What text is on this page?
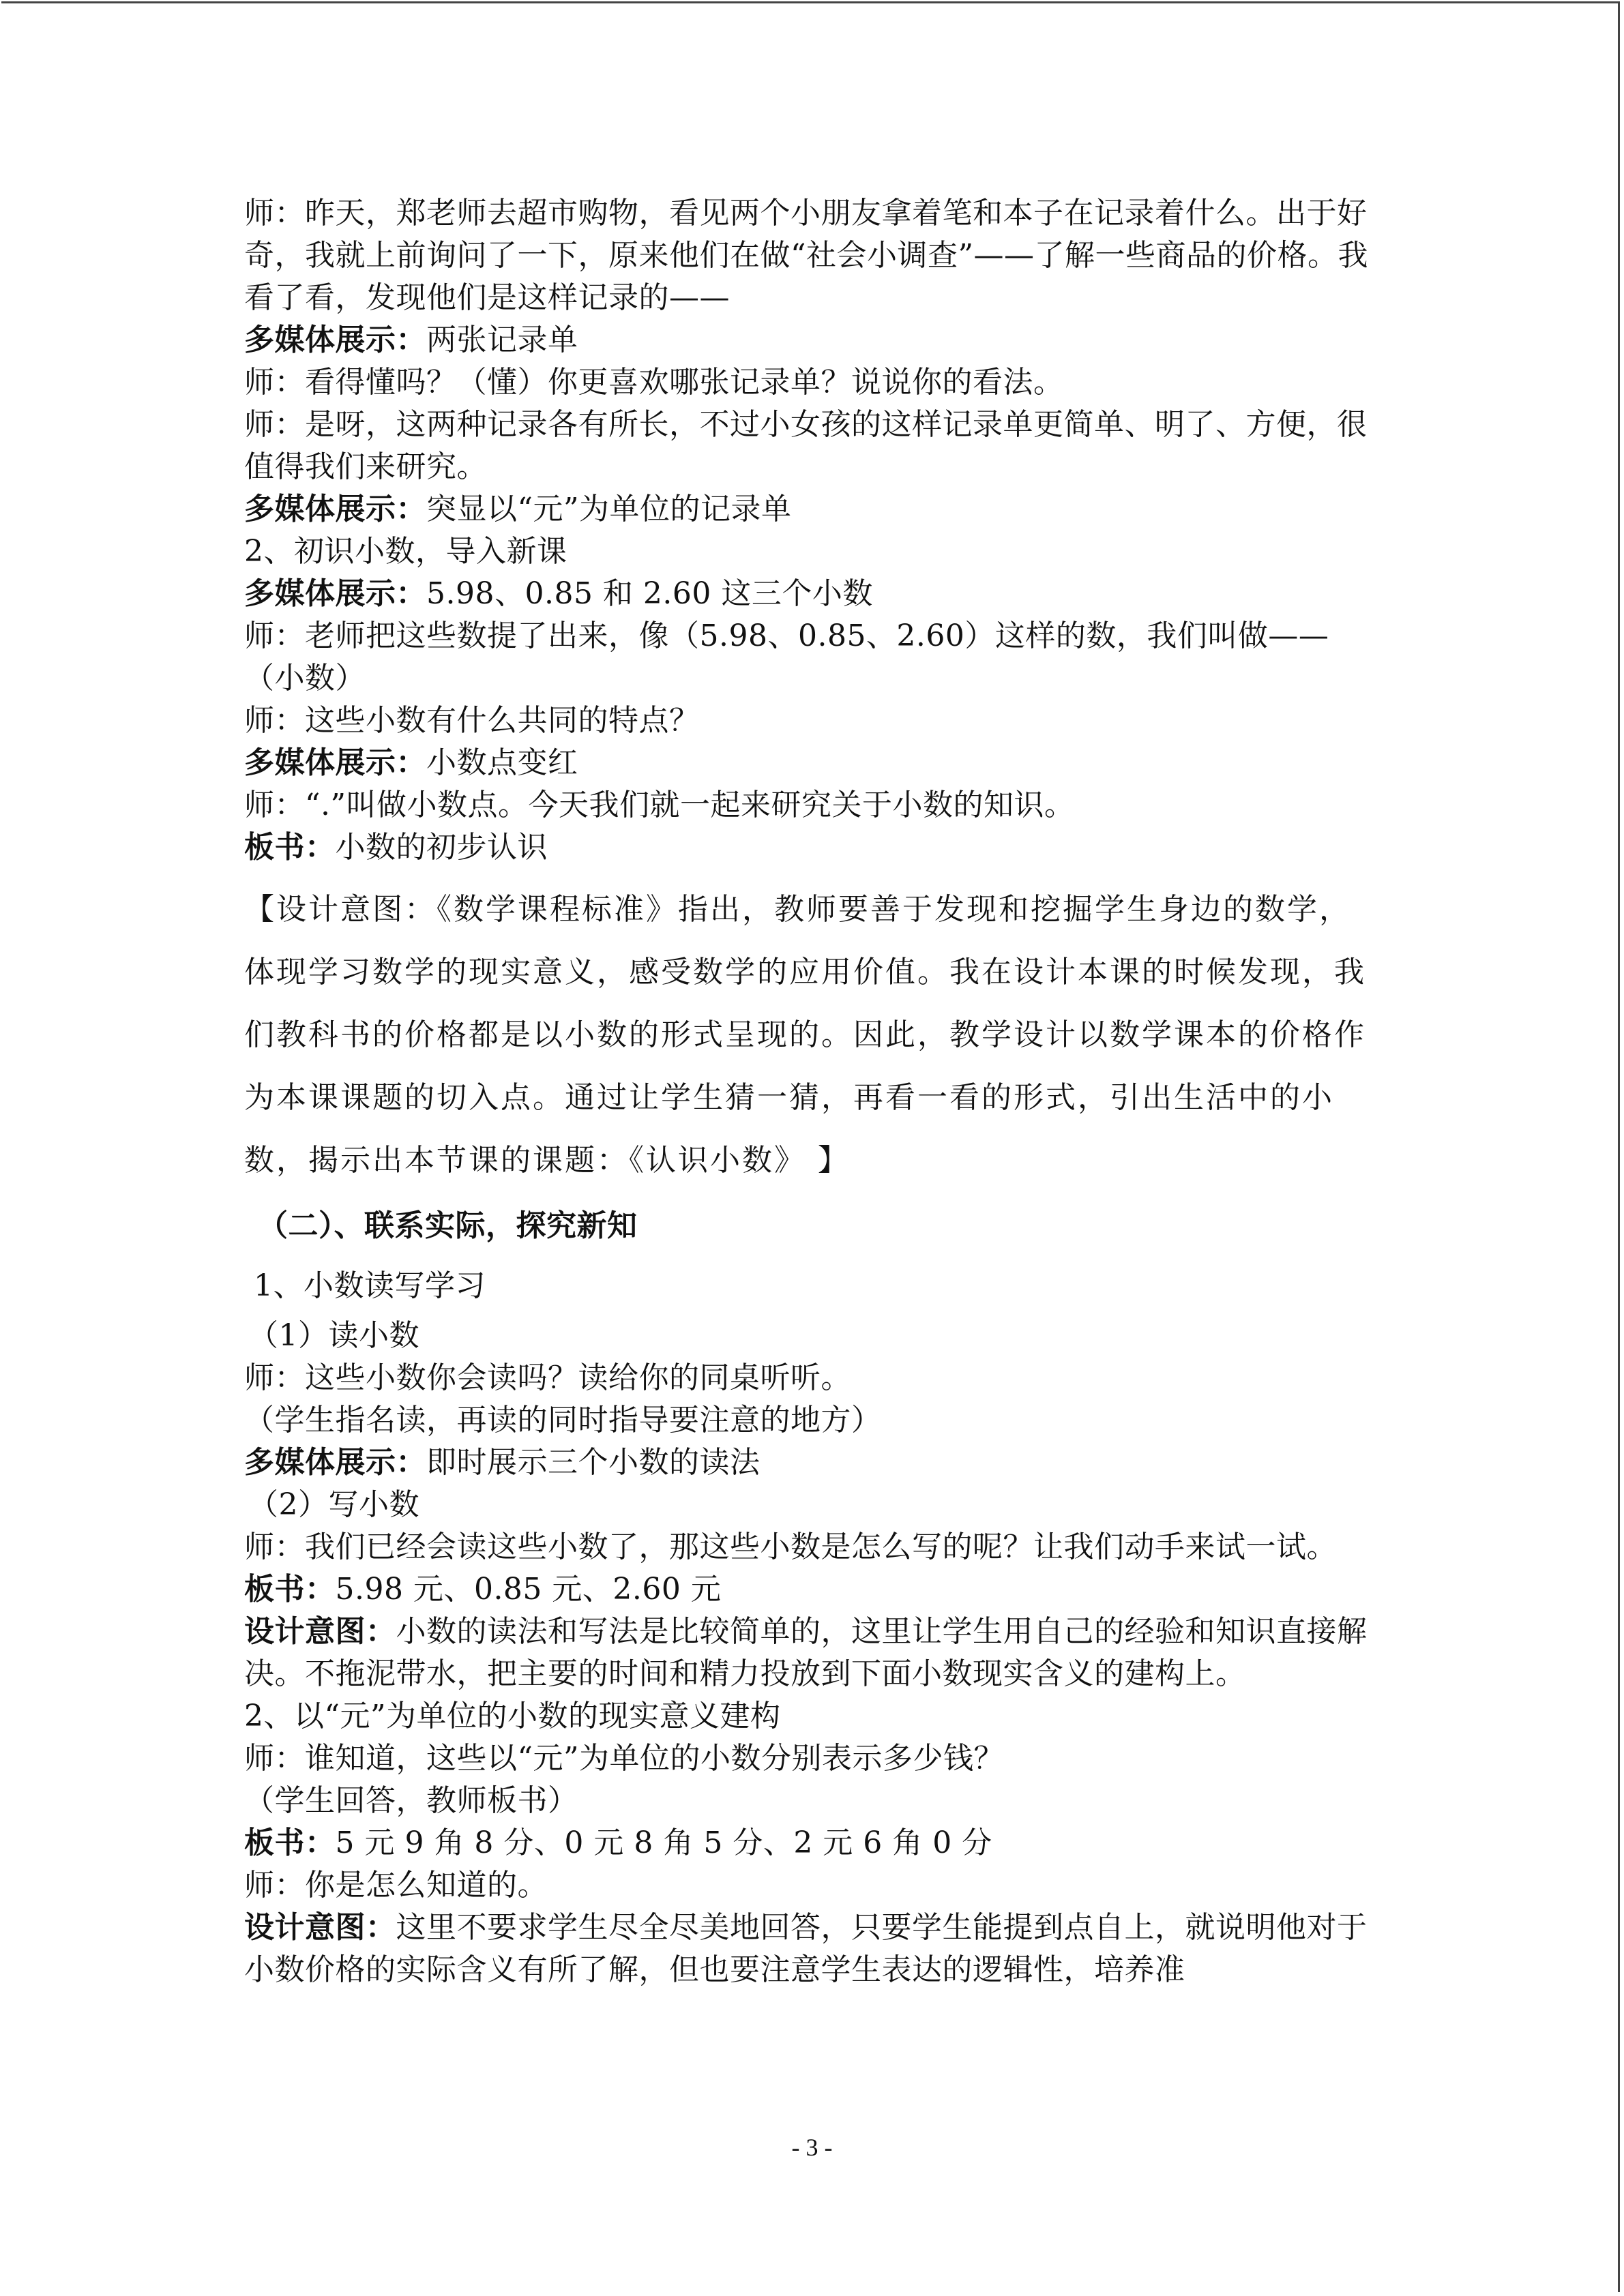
师：昨天，郑老师去超市购物，看见两个小朋友拿着笔和本子在记录着什么。出于好奇，我就上前询问了一下，原来他们在做“社会小调查”——了解一些商品的价格。我看了看，发现他们是这样记录的——

多媒体展示：两张记录单

师：看得懂吗？（懂）你更喜欢哪张记录单？说说你的看法。

师：是呀，这两种记录各有所长，不过小女孩的这样记录单更简单、明了、方便，很值得我们来研究。

多媒体展示：突显以“元”为单位的记录单

2、初识小数，导入新课

多媒体展示：5.98、0.85 和 2.60 这三个小数

师：老师把这些数提了出来，像（5.98、0.85、2.60）这样的数，我们叫做——（小数）

师：这些小数有什么共同的特点？

多媒体展示：小数点变红

师：“.”叫做小数点。今天我们就一起来研究关于小数的知识。

板书：小数的初步认识

【设计意图：《数学课程标准》指出，教师要善于发现和挖掘学生身边的数学，体现学习数学的现实意义，感受数学的应用价值。我在设计本课的时候发现，我们教科书的价格都是以小数的形式呈现的。因此，教学设计以数学课本的价格作为本课课题的切入点。通过让学生猜一猜，再看一看的形式，引出生活中的小数，揭示出本节课的课题：《认识小数》 】

（二）、联系实际，探究新知

1、小数读写学习

（1）读小数

师：这些小数你会读吗？读给你的同桌听听。

（学生指名读，再读的同时指导要注意的地方）

多媒体展示：即时展示三个小数的读法

（2）写小数

师：我们已经会读这些小数了，那这些小数是怎么写的呢？让我们动手来试一试。

板书：5.98 元、0.85 元、2.60 元

设计意图：小数的读法和写法是比较简单的，这里让学生用自己的经验和知识直接解决。不拖泥带水，把主要的时间和精力投放到下面小数现实含义的建构上。

2、以“元”为单位的小数的现实意义建构

师：谁知道，这些以“元”为单位的小数分别表示多少钱？

（学生回答，教师板书）

板书：5 元 9 角 8 分、0 元 8 角 5 分、2 元 6 角 0 分

师：你是怎么知道的。

设计意图：这里不要求学生尽全尽美地回答，只要学生能提到点自上，就说明他对于小数价格的实际含义有所了解，但也要注意学生表达的逻辑性，培养准

- 3 -
